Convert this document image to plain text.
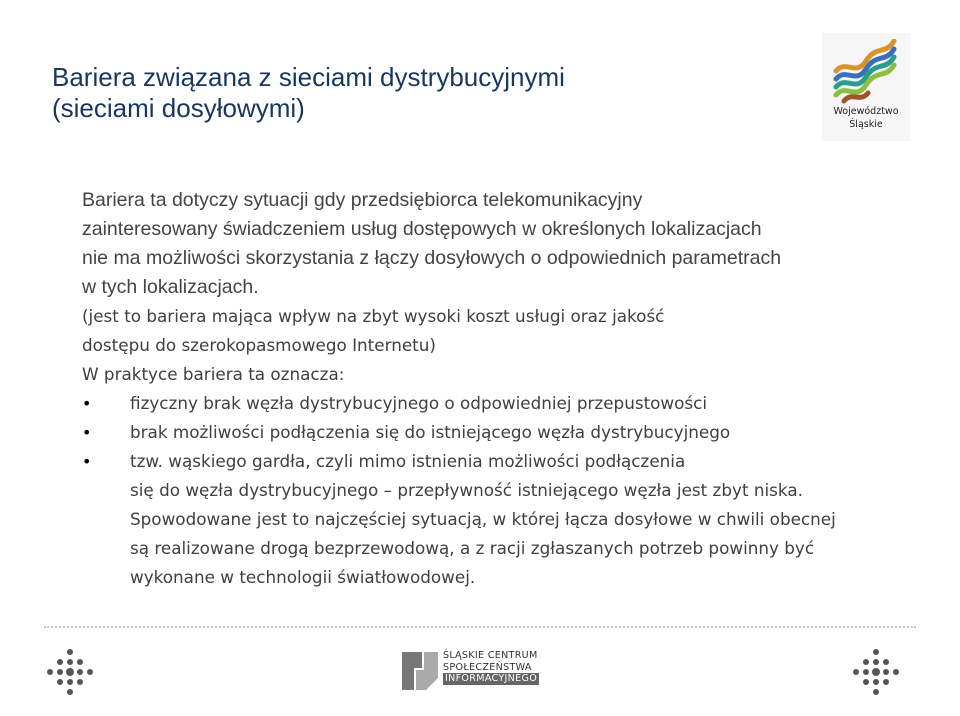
Bariera związana z sieciami dystrybucyjnymi
(sieciami dosyłowymi)	Województwo
Śląskie
Bariera ta dotyczy sytuacji gdy przedsiębiorca telekomunikacyjny
zainteresowany świadczeniem usług dostępowych w określonych lokalizacjach
nie ma możliwości skorzystania z łączy dosyłowych o odpowiednich parametrach
w tych lokalizacjach.
(jest to bariera mająca wpływ na zbyt wysoki koszt usługi oraz jakość
dostępu do szerokopasmowego Internetu)
W praktyce bariera ta oznacza:
•	fizyczny brak węzła dystrybucyjnego o odpowiedniej przepustowości
•	brak możliwości podłączenia się do istniejącego węzła dystrybucyjnego
•	tzw. wąskiego gardła, czyli mimo istnienia możliwości podłączenia
się do węzła dystrybucyjnego – przepływność istniejącego węzła jest zbyt niska.
Spowodowane jest to najczęściej sytuacją, w której łącza dosyłowe w chwili obecnej
są realizowane drogą bezprzewodową, a z racji zgłaszanych potrzeb powinny być
wykonane w technologii światłowodowej.
ŚLĄSKIE CENTRUM
SPOŁECZEŃSTWA
INFORMACYJNEGO
